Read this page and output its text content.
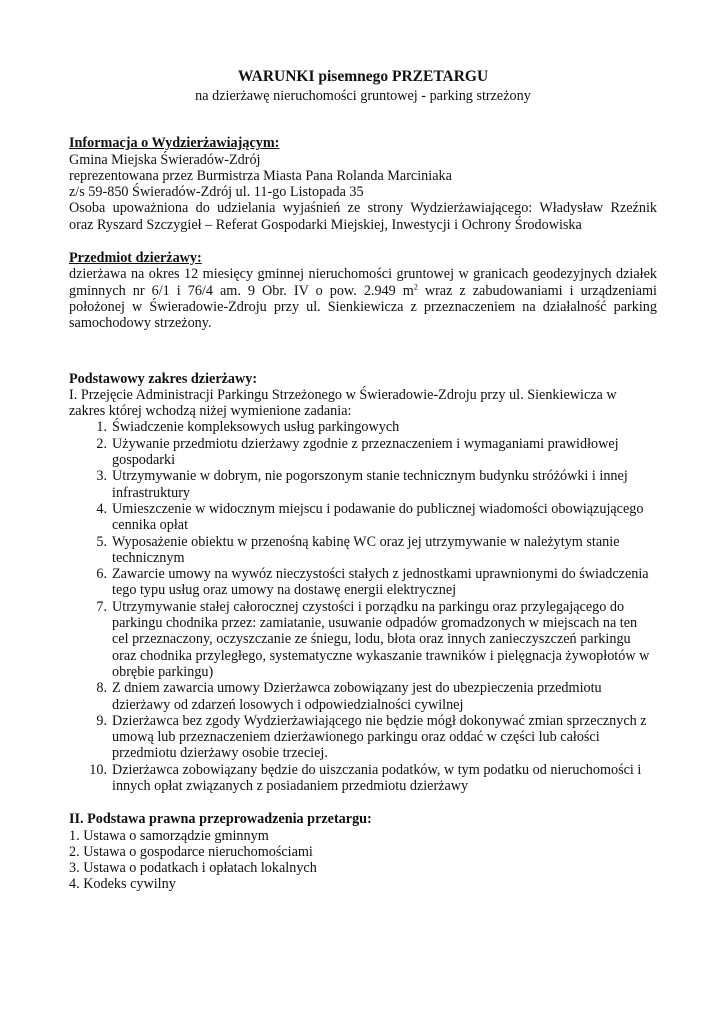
WARUNKI pisemnego PRZETARGU

na dzierżawę nieruchomości gruntowej - parking strzeżony

Informacja o Wydzierżawiającym:

Gmina Miejska Świeradów-Zdrój

reprezentowana przez Burmistrza Miasta Pana Rolanda Marciniaka

z/s 59-850 Świeradów-Zdrój ul. 11-go Listopada 35

Osoba upoważniona do udzielania wyjaśnień ze strony Wydzierżawiającego: Władysław Rzeźnik

oraz Ryszard Szczygieł – Referat Gospodarki Miejskiej, Inwestycji i Ochrony Środowiska

Przedmiot dzierżawy:

dzierżawa na okres 12 miesięcy gminnej nieruchomości gruntowej w granicach geodezyjnych działek gminnych nr 6/1 i 76/4 am. 9 Obr. IV o pow. 2.949 $m^2$ wraz z zabudowaniami i urządzeniami położonej w Świeradowie-Zdroju przy ul. Sienkiewicza z przeznaczeniem na działalność parking samochodowy strzeżony.

Podstawowy zakres dzierżawy:

I. Przejęcie Administracji Parkingu Strzeżonego w Świeradowie-Zdroju przy ul. Sienkiewicza w

zakres której wchodzą niżej wymienione zadania:

1. Świadczenie kompleksowych usług parkingowych
2. Używanie przedmiotu dzierżawy zgodnie z przeznaczeniem i wymaganiami prawidłowej gospodarki
3. Utrzymywanie w dobrym, nie pogorszonym stanie technicznym budynku stróżówki i innej infrastruktury
4. Umieszczenie w widocznym miejscu i podawanie do publicznej wiadomości obowiązującego cennika opłat
5. Wyposażenie obiektu w przenośną kabinę WC oraz jej utrzymywanie w należytym stanie technicznym
6. Zawarcie umowy na wywóz nieczystości stałych z jednostkami uprawnionymi do świadczenia tego typu usług oraz umowy na dostawę energii elektrycznej
7. Utrzymywanie stałej całorocznej czystości i porządku na parkingu oraz przylegającego do parkingu chodnika przez: zamiatanie, usuwanie odpadów gromadzonych w miejscach na ten cel przeznaczony, oczyszczanie ze śniegu, lodu, błota oraz innych zanieczyszczeń parkingu oraz chodnika przyległego, systematyczne wykaszanie trawników i pielęgnacja żywopłotów w obrębie parkingu)
8. Z dniem zawarcia umowy Dzierżawca zobowiązany jest do ubezpieczenia przedmiotu dzierżawy od zdarzeń losowych i odpowiedzialności cywilnej
9. Dzierżawca bez zgody Wydzierżawiającego nie będzie mógł dokonywać zmian sprzecznych z umową lub przeznaczeniem dzierżawionego parkingu oraz oddać w części lub całości przedmiotu dzierżawy osobie trzeciej.
10. Dzierżawca zobowiązany będzie do uiszczania podatków, w tym podatku od nieruchomości i innych opłat związanych z posiadaniem przedmiotu dzierżawy

II. Podstawa prawna przeprowadzenia przetargu:

1. Ustawa o samorządzie gminnym
2. Ustawa o gospodarce nieruchomościami
3. Ustawa o podatkach i opłatach lokalnych
4. Kodeks cywilny
